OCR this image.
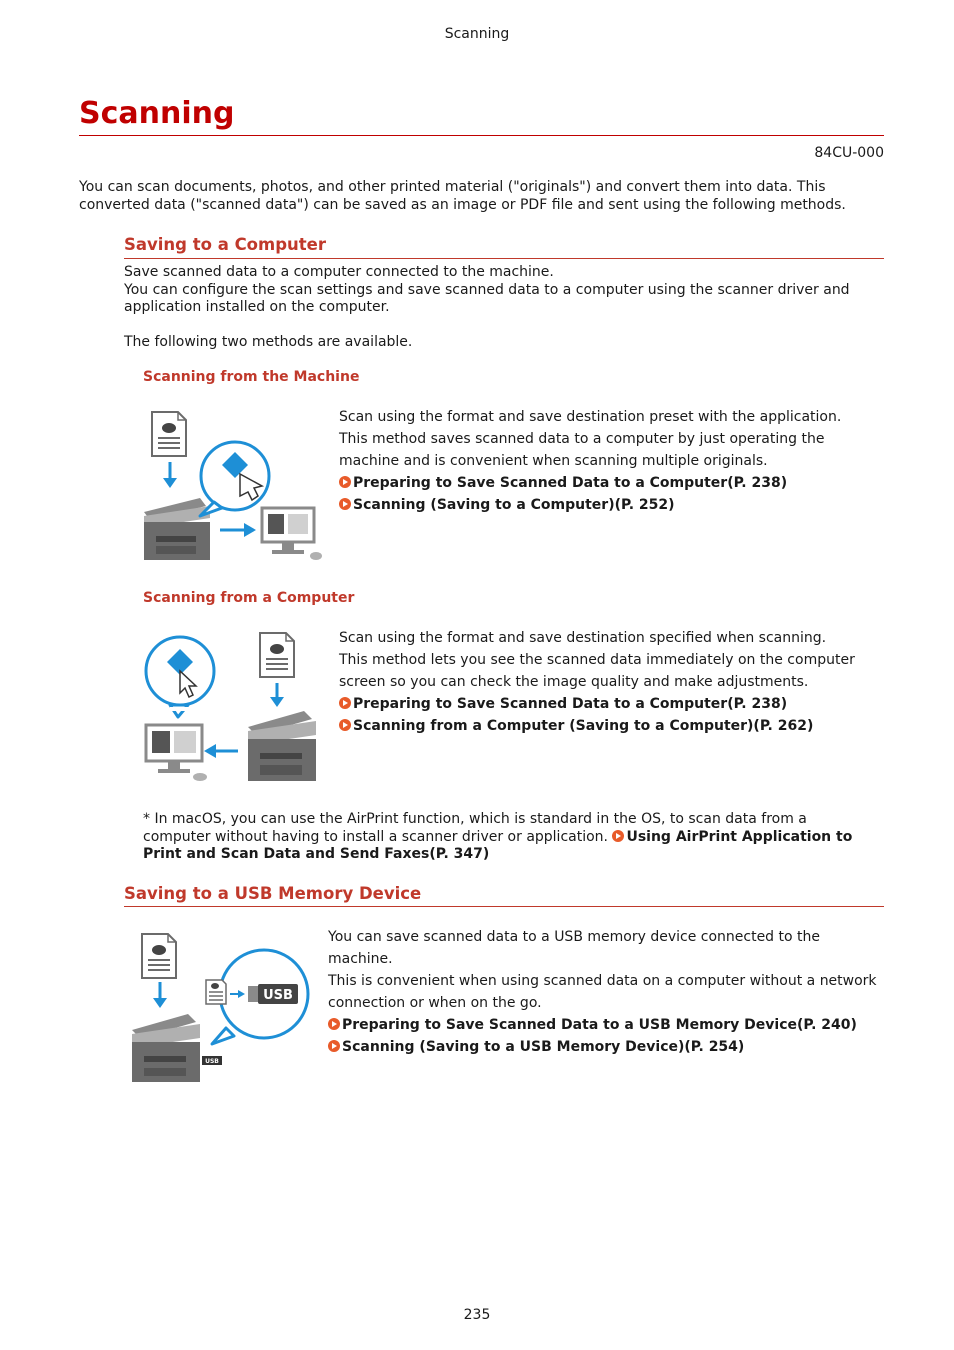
Scanning
Scanning
84CU-000
You can scan documents, photos, and other printed material ("originals") and convert them into data. This converted data ("scanned data") can be saved as an image or PDF file and sent using the following methods.
Saving to a Computer
Save scanned data to a computer connected to the machine.
You can configure the scan settings and save scanned data to a computer using the scanner driver and application installed on the computer.
The following two methods are available.
Scanning from the Machine
Scan using the format and save destination preset with the application.
This method saves scanned data to a computer by just operating the machine and is convenient when scanning multiple originals.
Preparing to Save Scanned Data to a Computer(P. 238)
Scanning (Saving to a Computer)(P. 252)
Scanning from a Computer
Scan using the format and save destination specified when scanning.
This method lets you see the scanned data immediately on the computer screen so you can check the image quality and make adjustments.
Preparing to Save Scanned Data to a Computer(P. 238)
Scanning from a Computer (Saving to a Computer)(P. 262)
* In macOS, you can use the AirPrint function, which is standard in the OS, to scan data from a computer without having to install a scanner driver or application. Using AirPrint Application to Print and Scan Data and Send Faxes(P. 347)
Saving to a USB Memory Device
USB
USB
You can save scanned data to a USB memory device connected to the machine.
This is convenient when using scanned data on a computer without a network connection or when on the go.
Preparing to Save Scanned Data to a USB Memory Device(P. 240)
Scanning (Saving to a USB Memory Device)(P. 254)
235
